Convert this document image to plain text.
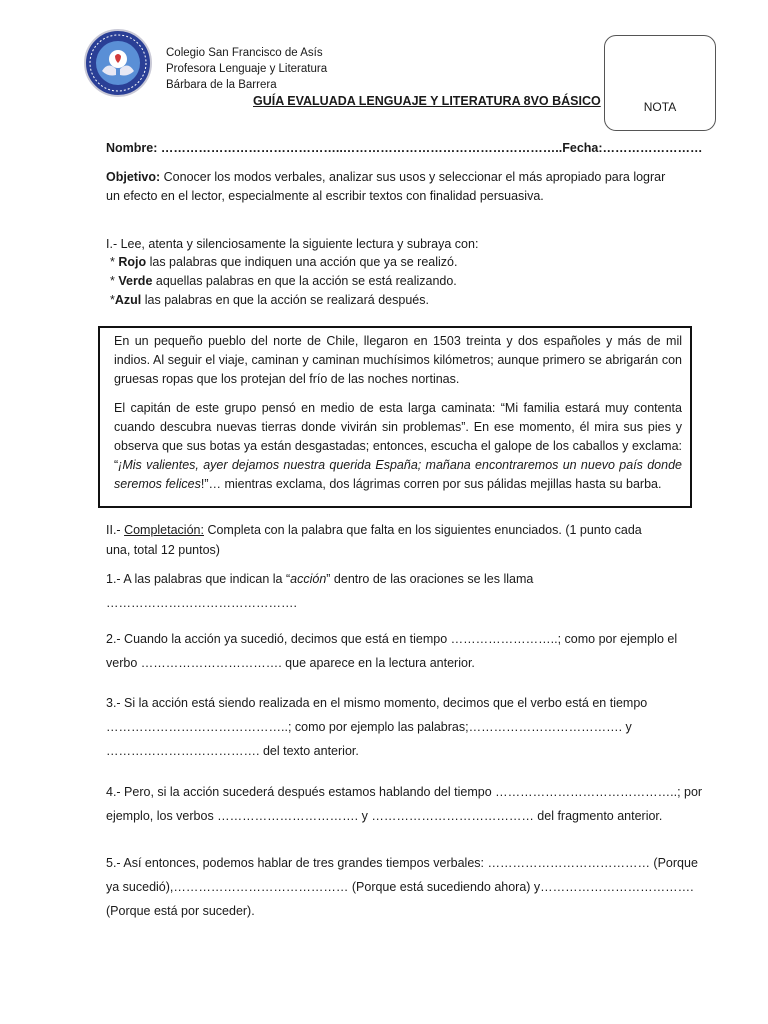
Colegio San Francisco de Asís
Profesora Lenguaje y Literatura
Bárbara de la Barrera
NOTA
GUÍA EVALUADA LENGUAJE Y LITERATURA 8VO BÁSICO
Nombre: ……………………………………..……………………………………………..Fecha:……………………
Objetivo: Conocer los modos verbales, analizar sus usos y seleccionar el más apropiado para lograr
un efecto en el lector, especialmente al escribir textos con finalidad persuasiva.
I.- Lee, atenta y silenciosamente la siguiente lectura y subraya con:
* Rojo las palabras que indiquen una acción que ya se realizó.
* Verde aquellas palabras en que la acción se está realizando.
*Azul las palabras en que la acción se realizará después.

En un pequeño pueblo del norte de Chile, llegaron en 1503 treinta y dos españoles y más de mil indios. Al seguir el viaje, caminan y caminan muchísimos kilómetros; aunque primero se abrigarán con gruesas ropas que los protejan del frío de las noches nortinas.

El capitán de este grupo pensó en medio de esta larga caminata: “Mi familia estará muy contenta cuando descubra nuevas tierras donde vivirán sin problemas”. En ese momento, él mira sus pies y observa que sus botas ya están desgastadas; entonces, escucha el galope de los caballos y exclama: “¡Mis valientes, ayer dejamos nuestra querida España; mañana encontraremos un nuevo país donde seremos felices!”… mientras exclama, dos lágrimas corren por sus pálidas mejillas hasta su barba.

II.- Completación: Completa con la palabra que falta en los siguientes enunciados. (1 punto cada
una, total 12 puntos)
1.- A las palabras que indican la “acción” dentro de las oraciones se les llama
……………………………………….
2.- Cuando la acción ya sucedió, decimos que está en tiempo ……………………..; como por ejemplo el
verbo ……………………………. que aparece en la lectura anterior.
3.- Si la acción está siendo realizada en el mismo momento, decimos que el verbo está en tiempo
……………………………………..; como por ejemplo las palabras;………………………………. y
………………………………. del texto anterior.
4.- Pero, si la acción sucederá después estamos hablando del tiempo ……………………………………..; por
ejemplo, los verbos ……………………………. y ………………………………… del fragmento anterior.
5.- Así entonces, podemos hablar de tres grandes tiempos verbales: ………………………………… (Porque
ya sucedió),…………………………………… (Porque está sucediendo ahora) y……………………………….
(Porque está por suceder).
